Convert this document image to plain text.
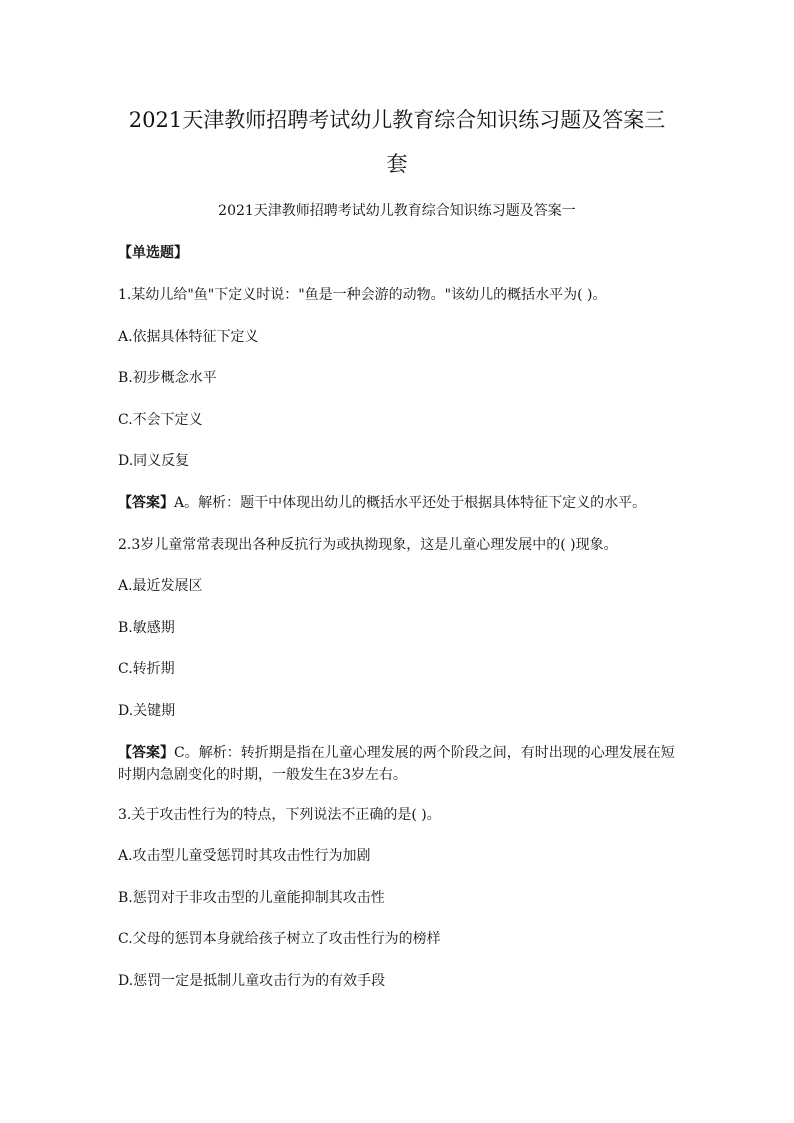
2021天津教师招聘考试幼儿教育综合知识练习题及答案三
套
2021天津教师招聘考试幼儿教育综合知识练习题及答案一
【单选题】
1.某幼儿给"鱼"下定义时说："鱼是一种会游的动物。"该幼儿的概括水平为( )。
A.依据具体特征下定义
B.初步概念水平
C.不会下定义
D.同义反复
【答案】A。解析：题干中体现出幼儿的概括水平还处于根据具体特征下定义的水平。
2.3岁儿童常常表现出各种反抗行为或执拗现象，这是儿童心理发展中的( )现象。
A.最近发展区
B.敏感期
C.转折期
D.关键期
【答案】C。解析：转折期是指在儿童心理发展的两个阶段之间，有时出现的心理发展在短
时期内急剧变化的时期，一般发生在3岁左右。
3.关于攻击性行为的特点，下列说法不正确的是( )。
A.攻击型儿童受惩罚时其攻击性行为加剧
B.惩罚对于非攻击型的儿童能抑制其攻击性
C.父母的惩罚本身就给孩子树立了攻击性行为的榜样
D.惩罚一定是抵制儿童攻击行为的有效手段
